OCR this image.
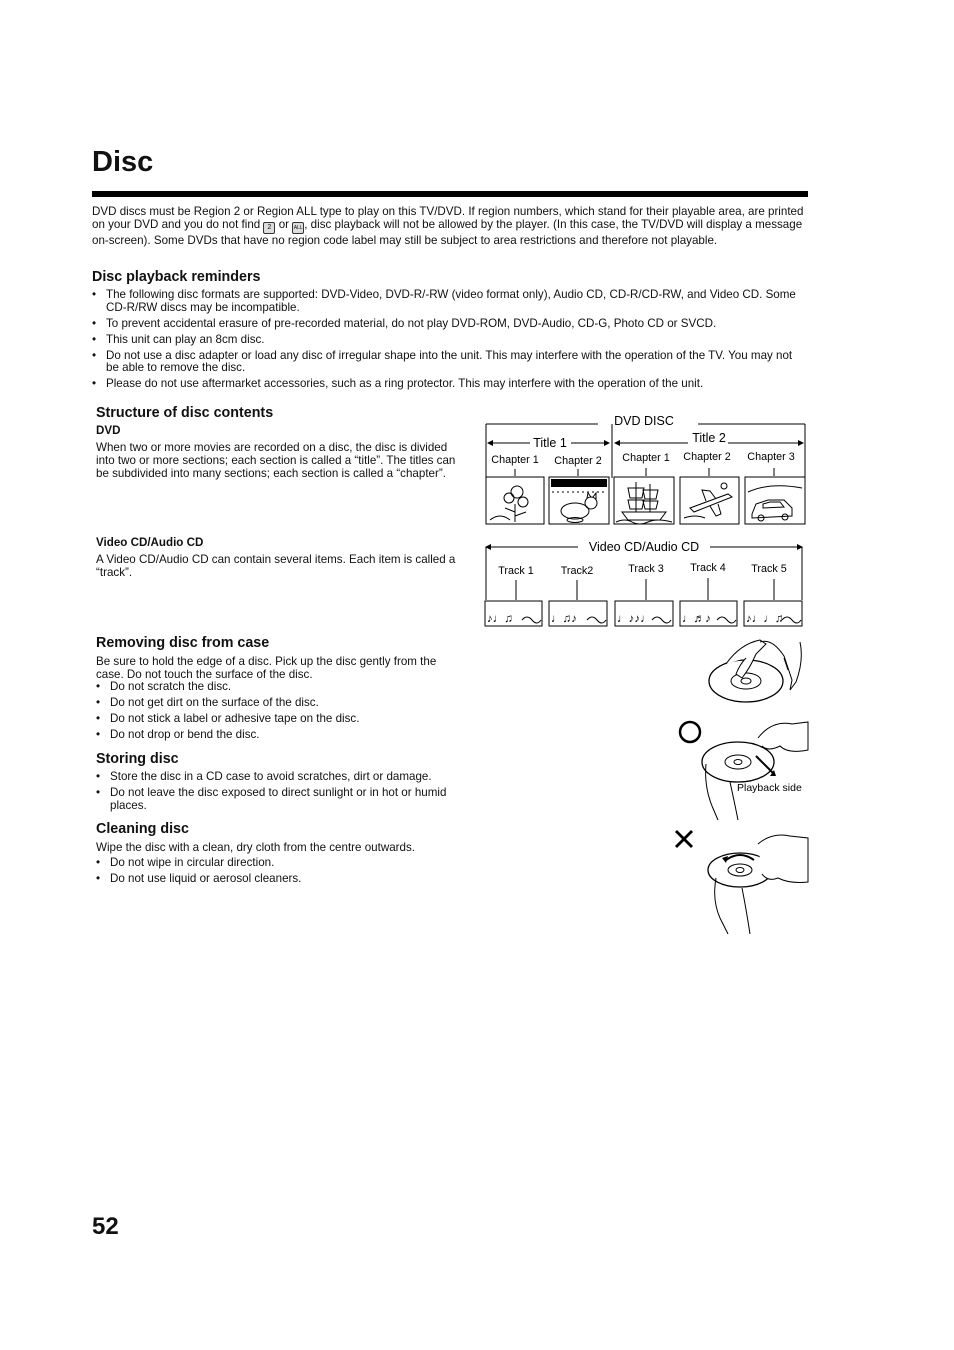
Disc

DVD discs must be Region 2 or Region ALL type to play on this TV/DVD. If region numbers, which stand for their playable area, are printed on your DVD and you do not find 2 or ALL , disc playback will not be allowed by the player. (In this case, the TV/DVD will display a message on-screen). Some DVDs that have no region code label may still be subject to area restrictions and therefore not playable.

Disc playback reminders
• The following disc formats are supported: DVD-Video, DVD-R/-RW (video format only), Audio CD, CD-R/CD-RW, and Video CD. Some CD-R/RW discs may be incompatible.
• To prevent accidental erasure of pre-recorded material, do not play DVD-ROM, DVD-Audio, CD-G, Photo CD or SVCD.
• This unit can play an 8cm disc.
• Do not use a disc adapter or load any disc of irregular shape into the unit. This may interfere with the operation of the TV. You may not be able to remove the disc.
• Please do not use aftermarket accessories, such as a ring protector. This may interfere with the operation of the unit.
Structure of disc contents
DVD

When two or more movies are recorded on a disc, the disc is divided into two or more sections; each section is called a “title”. The titles can be subdivided into many sections; each section is called a “chapter”.

Video CD/Audio CD

A Video CD/Audio CD can contain several items. Each item is called a “track”.

DVD DISC
Title 1	Title 2
Chapter 1 Chapter 2 Chapter 1 Chapter 2 Chapter 3
Video CD/Audio CD
Track 1 Track2	Track 3 Track 4 Track 5
♪♩♫	♩♫♪	♩♪♪♩	♩♬♪	♪♩♩♫
Removing disc from case

Be sure to hold the edge of a disc. Pick up the disc gently from the case. Do not touch the surface of the disc.

• Do not scratch the disc.
• Do not get dirt on the surface of the disc.
• Do not stick a label or adhesive tape on the disc.
• Do not drop or bend the disc.
Storing disc
• Store the disc in a CD case to avoid scratches, dirt or damage.
• Do not leave the disc exposed to direct sunlight or in hot or humid places.
Cleaning disc

Wipe the disc with a clean, dry cloth from the centre outwards.

• Do not wipe in circular direction.
• Do not use liquid or aerosol cleaners.
Playback side
52
